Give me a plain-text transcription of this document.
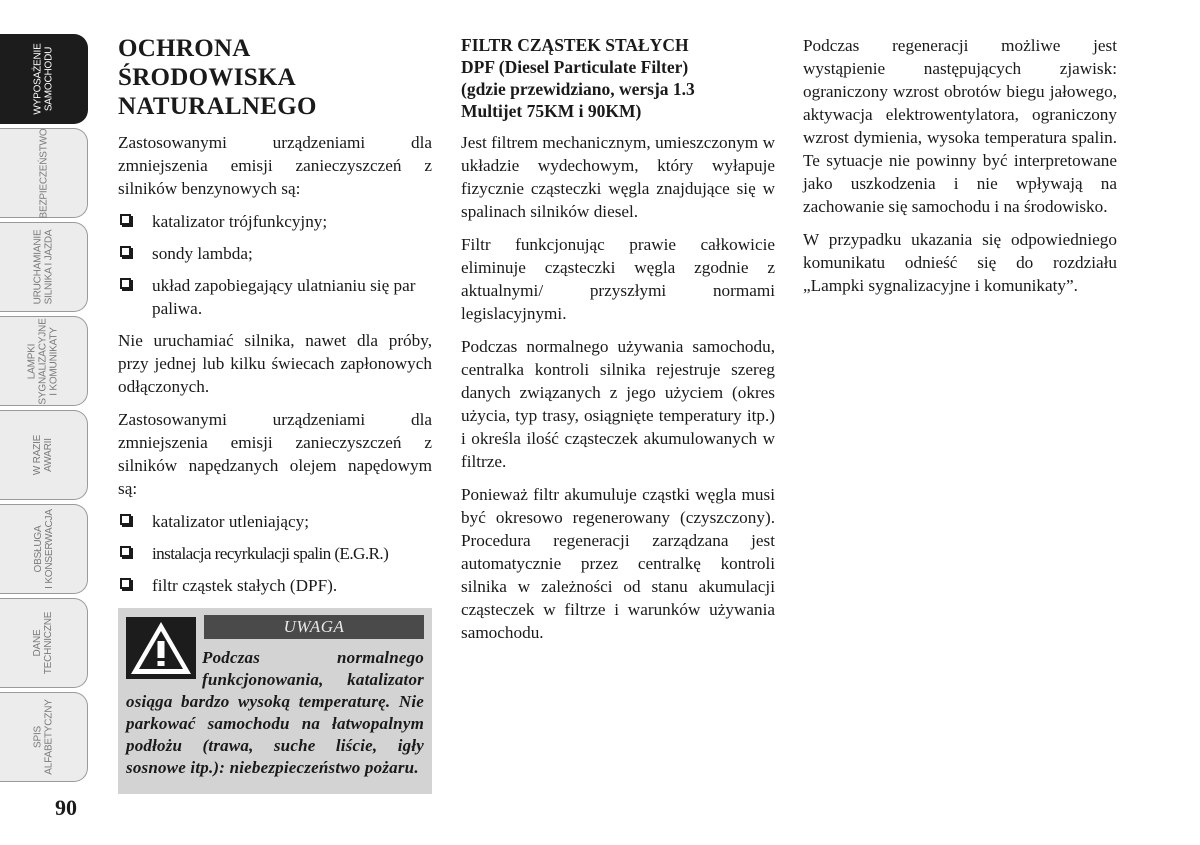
WYPOSAŻENIE
SAMOCHODU
BEZPIECZEŃSTWO
URUCHAMIANIE
SILNIKA I JAZDA
LAMPKI
SYGNALIZACYJNE
I KOMUNIKATY
W RAZIE
AWARII
OBSŁUGA
I KONSERWACJA
DANE
TECHNICZNE
SPIS
ALFABETYCZNY
90
OCHRONA
ŚRODOWISKA
NATURALNEGO

Zastosowanymi urządzeniami dla zmniejszenia emisji zanieczyszczeń z silników benzynowych są:

katalizator trójfunkcyjny;
sondy lambda;
układ zapobiegający ulatnianiu się par paliwa.

Nie uruchamiać silnika, nawet dla próby, przy jednej lub kilku świecach zapłonowych odłączonych.

Zastosowanymi urządzeniami dla zmniejszenia emisji zanieczyszczeń z silników napędzanych olejem napędowym są:

katalizator utleniający;
instalacja recyrkulacji spalin (E.G.R.)
filtr cząstek stałych (DPF).
UWAGA
Podczas normalnego funkcjonowania, katalizator osiąga bardzo wysoką temperaturę. Nie parkować samochodu na łatwopalnym podłożu (trawa, suche liście, igły sosnowe itp.): niebezpieczeństwo pożaru.
FILTR CZĄSTEK STAŁYCH
DPF (Diesel Particulate Filter)
(gdzie przewidziano, wersja 1.3
Multijet 75KM i 90KM)

Jest filtrem mechanicznym, umieszczonym w układzie wydechowym, który wyłapuje fizycznie cząsteczki węgla znajdujące się w spalinach silników diesel.

Filtr funkcjonując prawie całkowicie eliminuje cząsteczki węgla zgodnie z aktualnymi/ przyszłymi normami legislacyjnymi.

Podczas normalnego używania samochodu, centralka kontroli silnika rejestruje szereg danych związanych z jego użyciem (okres użycia, typ trasy, osiągnięte temperatury itp.) i określa ilość cząsteczek akumulowanych w filtrze.

Ponieważ filtr akumuluje cząstki węgla musi być okresowo regenerowany (czyszczony). Procedura regeneracji zarządzana jest automatycznie przez centralkę kontroli silnika w zależności od stanu akumulacji cząsteczek w filtrze i warunków używania samochodu.

Podczas regeneracji możliwe jest wystąpienie następujących zjawisk: ograniczony wzrost obrotów biegu jałowego, aktywacja elektrowentylatora, ograniczony wzrost dymienia, wysoka temperatura spalin. Te sytuacje nie powinny być interpretowane jako uszkodzenia i nie wpływają na zachowanie się samochodu i na środowisko.

W przypadku ukazania się odpowiedniego komunikatu odnieść się do rozdziału „Lampki sygnalizacyjne i komunikaty”.
